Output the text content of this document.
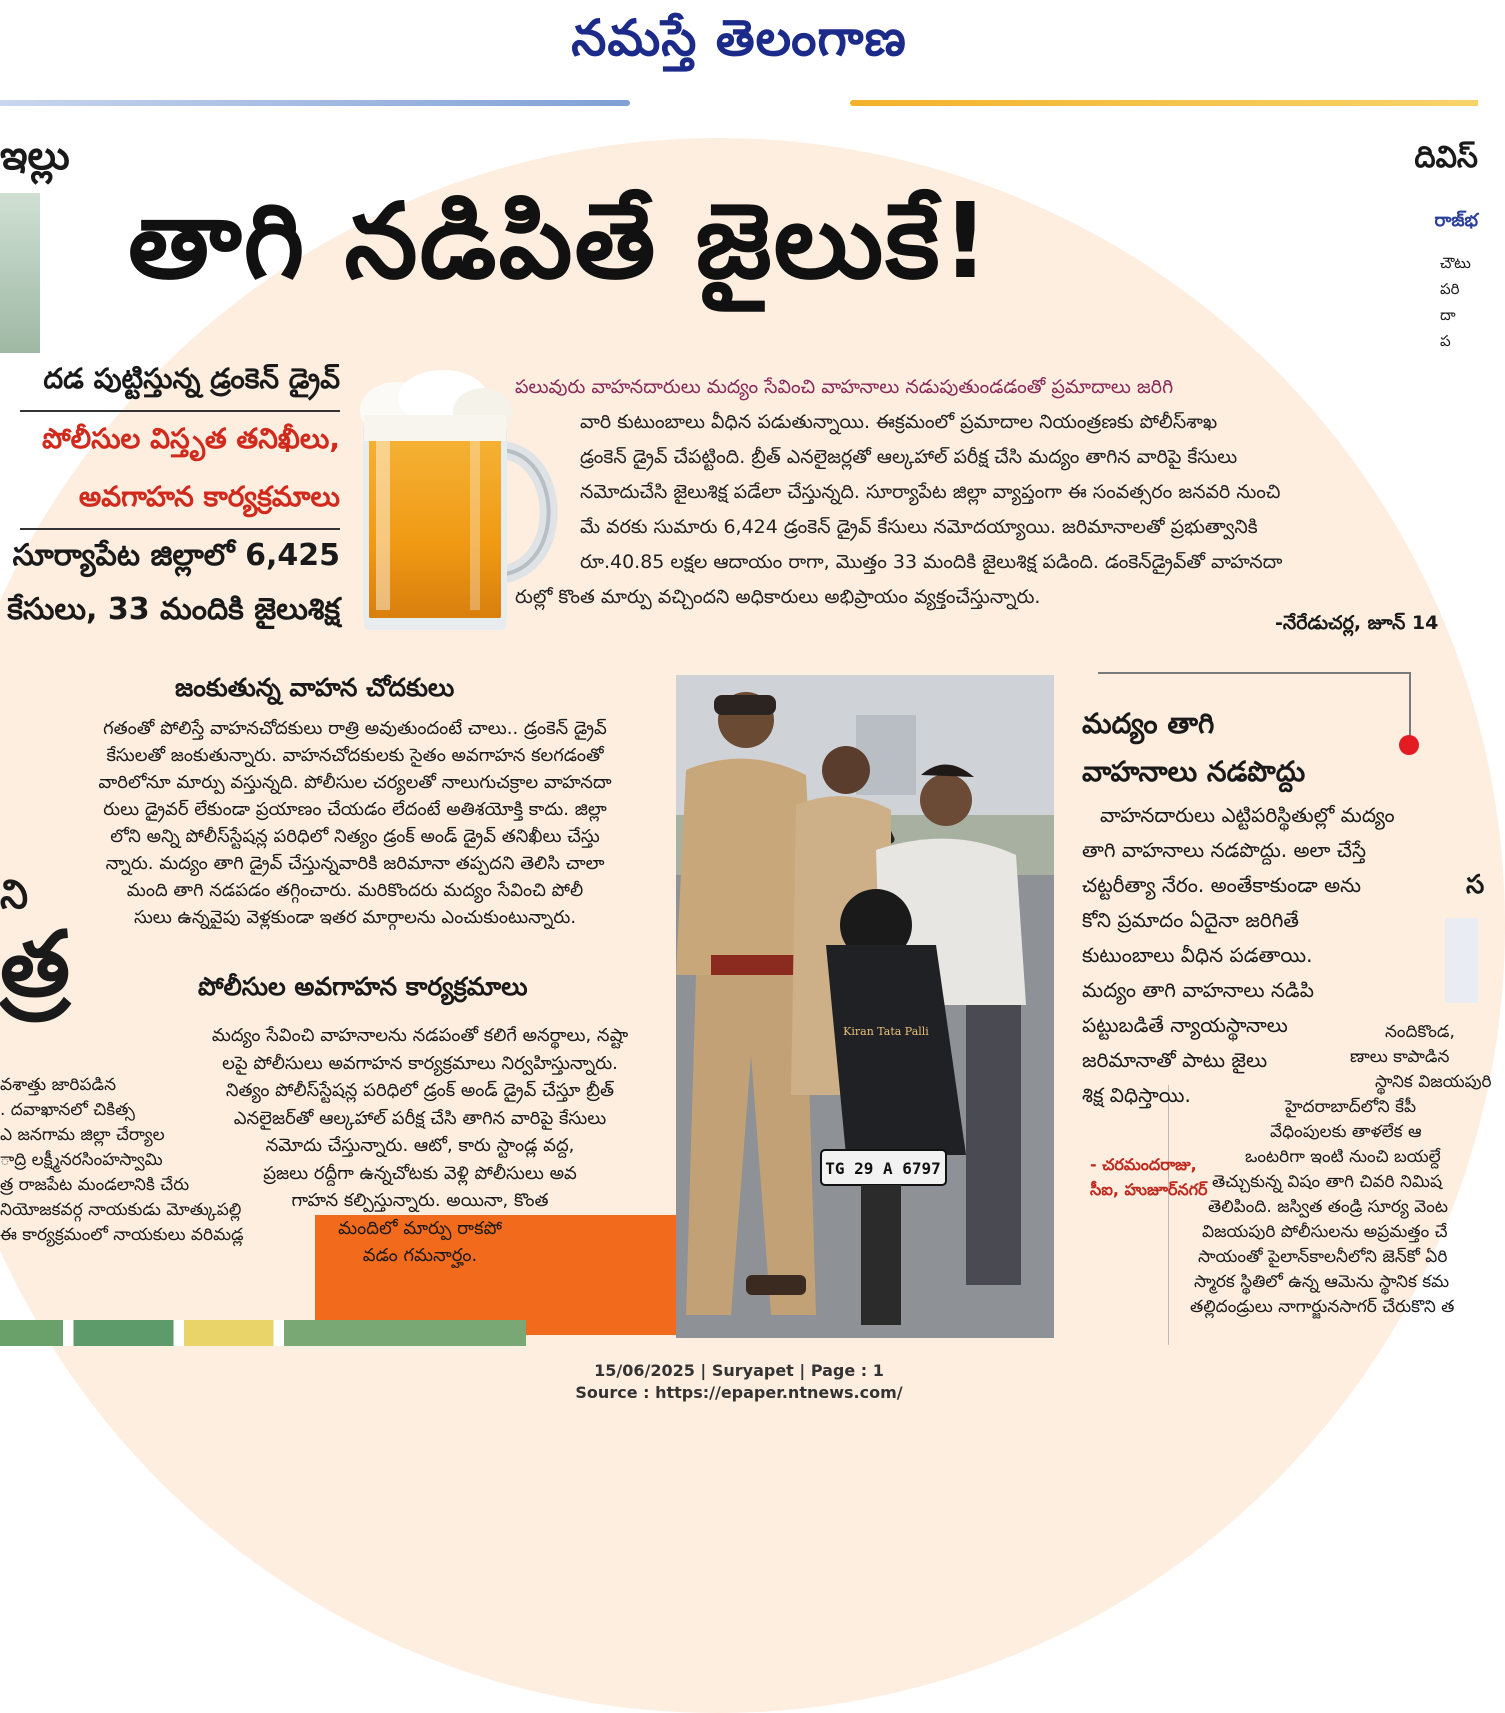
నమస్తే తెలంగాణ
ఇల్లు
ని
త్ర
వశాత్తు జారిపడిన
. దవాఖానలో చికిత్స
ఎ జనగామ జిల్లా చేర్యాల
ాద్రి లక్ష్మీనరసింహస్వామి
త్ర రాజపేట మండలానికి చేరు
నియోజకవర్గ నాయకుడు మోత్కుపల్లి
ఈ కార్యక్రమంలో నాయకులు వరిమడ్ల
దివిస్
రాజ్‌భ
చౌటు
పరి
దా
ప
స
నందికొండ,
ణాలు కాపాడిన
స్థానిక విజయపురి
హైదరాబాద్‌లోని కేపీ
వేధింపులకు తాళలేక ఆ
ఒంటరిగా ఇంటి నుంచి బయల్దే
తెచ్చుకున్న విషం తాగి చివరి నిమిష
తెలిపింది. జస్విత తండ్రి సూర్య వెంట
విజయపురి పోలీసులను అప్రమత్తం చే
సాయంతో పైలాన్‌కాలనీలోని జెన్‌కో ఏరి
స్మారక స్థితిలో ఉన్న ఆమెను స్థానిక కమ
తల్లిదండ్రులు నాగార్జునసాగర్ చేరుకొని త
తాగి నడిపితే జైలుకే!
దడ పుట్టిస్తున్న డ్రంకెన్ డ్రైవ్
పోలీసుల విస్తృత తనిఖీలు,
అవగాహన కార్యక్రమాలు
సూర్యాపేట జిల్లాలో 6,425
కేసులు, 33 మందికి జైలుశిక్ష
పలువురు వాహనదారులు మద్యం సేవించి వాహనాలు నడుపుతుండడంతో ప్రమాదాలు జరిగి
వారి కుటుంబాలు వీధిన పడుతున్నాయి. ఈక్రమంలో ప్రమాదాల నియంత్రణకు పోలీస్‌శాఖ
డ్రంకెన్ డ్రైవ్ చేపట్టింది. బ్రీత్ ఎనలైజర్లతో ఆల్కహాల్ పరీక్ష చేసి మద్యం తాగిన వారిపై కేసులు
నమోదుచేసి జైలుశిక్ష పడేలా చేస్తున్నది. సూర్యాపేట జిల్లా వ్యాప్తంగా ఈ సంవత్సరం జనవరి నుంచి
మే వరకు సుమారు 6,424 డ్రంకెన్ డ్రైవ్ కేసులు నమోదయ్యాయి. జరిమానాలతో ప్రభుత్వానికి
రూ.40.85 లక్షల ఆదాయం రాగా, మొత్తం 33 మందికి జైలుశిక్ష పడింది. డంకెన్‌డ్రైవ్‌తో వాహనదా
రుల్లో కొంత మార్పు వచ్చిందని అధికారులు అభిప్రాయం వ్యక్తంచేస్తున్నారు.
-నేరేడుచర్ల, జూన్ 14
జంకుతున్న వాహన చోదకులు
గతంతో పోలిస్తే వాహనచోదకులు రాత్రి అవుతుందంటే చాలు.. డ్రంకెన్ డ్రైవ్
కేసులతో జంకుతున్నారు. వాహనచోదకులకు సైతం అవగాహన కలగడంతో
వారిలోనూ మార్పు వస్తున్నది. పోలీసుల చర్యలతో నాలుగుచక్రాల వాహనదా
రులు డ్రైవర్ లేకుండా ప్రయాణం చేయడం లేదంటే అతిశయోక్తి కాదు. జిల్లా
లోని అన్ని పోలీస్‌స్టేషన్ల పరిధిలో నిత్యం డ్రంక్ అండ్ డ్రైవ్ తనిఖీలు చేస్తు
న్నారు. మద్యం తాగి డ్రైవ్ చేస్తున్నవారికి జరిమానా తప్పదని తెలిసి చాలా
మంది తాగి నడపడం తగ్గించారు. మరికొందరు మద్యం సేవించి పోలీ
సులు ఉన్నవైపు వెళ్లకుండా ఇతర మార్గాలను ఎంచుకుంటున్నారు.
పోలీసుల అవగాహన కార్యక్రమాలు
మద్యం సేవించి వాహనాలను నడపంతో కలిగే అనర్థాలు, నష్టా
లపై పోలీసులు అవగాహన కార్యక్రమాలు నిర్వహిస్తున్నారు.
నిత్యం పోలీస్‌స్టేషన్ల పరిధిలో డ్రంక్ అండ్ డ్రైవ్ చేస్తూ బ్రీత్
ఎనలైజర్‌తో ఆల్కహాల్ పరీక్ష చేసి తాగిన వారిపై కేసులు
నమోదు చేస్తున్నారు. ఆటో, కారు స్టాండ్ల వద్ద,
ప్రజలు రద్దీగా ఉన్నచోటకు వెళ్లి పోలీసులు అవ
గాహన కల్పిస్తున్నారు. అయినా, కొంత
మందిలో మార్పు రాకపో
వడం గమనార్హం.
TG 29 A 6797
Kiran Tata Palli
మద్యం తాగి
వాహనాలు నడపొద్దు
వాహనదారులు ఎట్టిపరిస్థితుల్లో మద్యం
తాగి వాహనాలు నడపొద్దు. అలా చేస్తే
చట్టరీత్యా నేరం. అంతేకాకుండా అను
కోని ప్రమాదం ఏదైనా జరిగితే
కుటుంబాలు వీధిన పడతాయి.
మద్యం తాగి వాహనాలు నడిపి
పట్టుబడితే న్యాయస్థానాలు
జరిమానాతో పాటు జైలు
శిక్ష విధిస్తాయి.
- చరమందరాజు,
సీఐ, హుజూర్‌నగర్
15/06/2025 | Suryapet | Page : 1
Source : https://epaper.ntnews.com/
